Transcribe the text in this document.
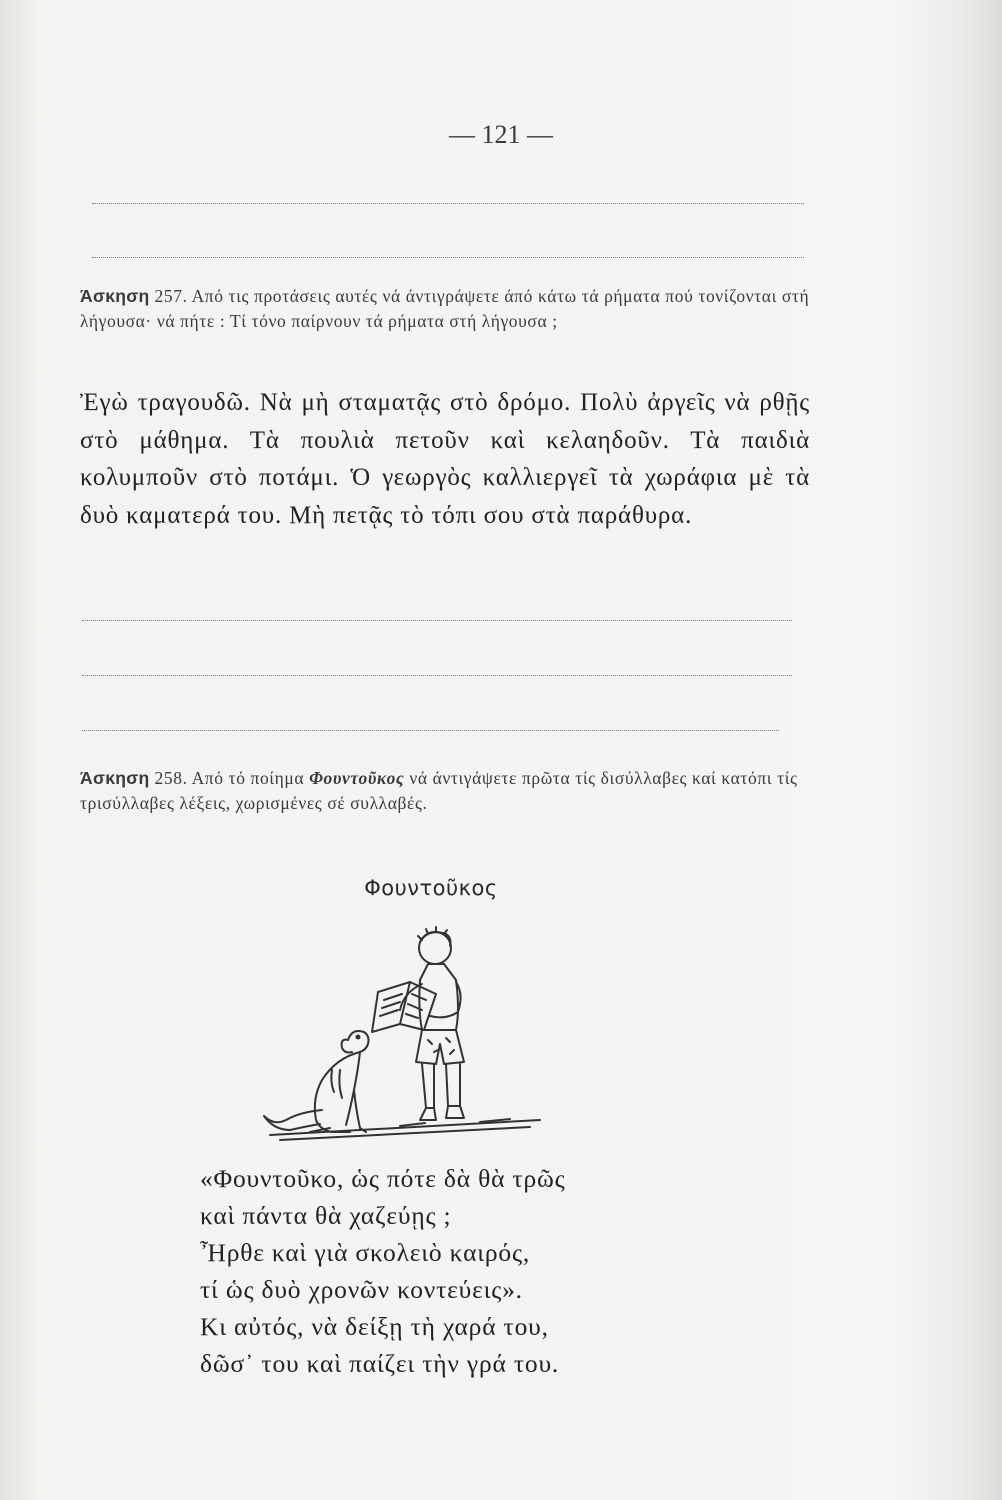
— 121 —
Άσκηση 257. Από τις προτάσεις αυτές νά άντιγράψετε άπό κάτω τά ρήματα πού τονίζονται στή λήγουσα· νά πήτε : Τί τόνο παίρνουν τά ρήματα στή λήγουσα ;
Ἐγὼ τραγουδῶ. Νὰ μὴ σταματᾷς στὸ δρόμο. Πολὺ ἀργεῖς νὰ ρθῇς στὸ μάθημα. Τὰ πουλιὰ πετοῦν καὶ κελαηδοῦν. Τὰ παιδιὰ κολυμποῦν στὸ ποτάμι. Ὁ γεωργὸς καλλιεργεῖ τὰ χωράφια μὲ τὰ δυὸ καματερά του. Μὴ πετᾷς τὸ τόπι σου στὰ παράθυρα.
Άσκηση 258. Από τό ποίημα Φουντοῦκος νά άντιγάψετε πρῶτα τίς δισύλλαβες καί κατόπι τίς τρισύλλαβες λέξεις, χωρισμένες σέ συλλαβές.
Φουντοῦκος
«Φουντοῦκο, ὡς πότε δὰ θὰ τρῶς
καὶ πάντα θὰ χαζεύῃς ;
Ἦρθε καὶ γιὰ σκολειὸ καιρός,
τί ὡς δυὸ χρονῶν κοντεύεις».
Κι αὐτός, νὰ δείξῃ τὴ χαρά του,
δῶσ᾿ του καὶ παίζει τὴν γρά του.
